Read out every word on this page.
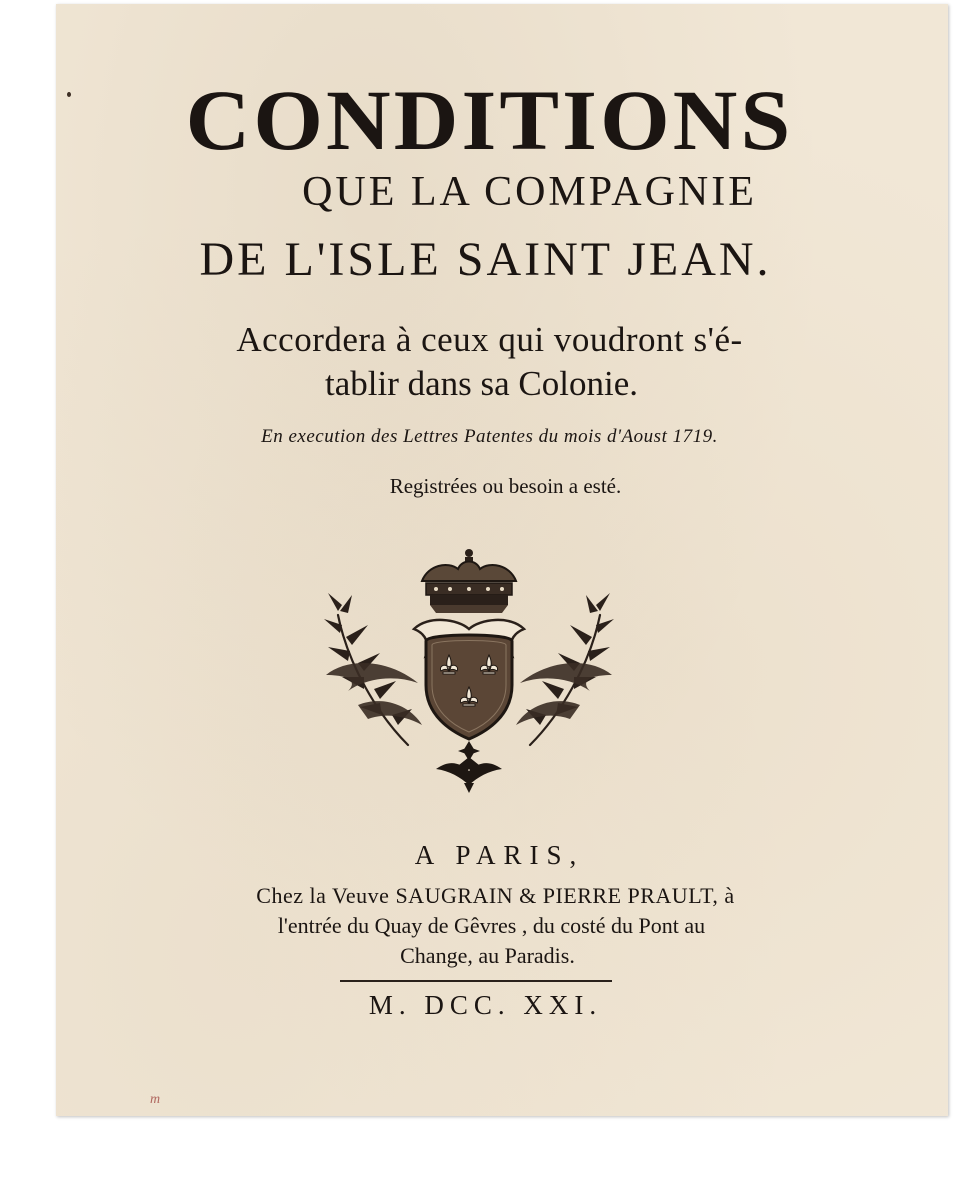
CONDITIONS
QUE LA COMPAGNIE
DE L'ISLE SAINT JEAN.
Accordera à ceux qui voudront s'é-
tablir dans sa Colonie.
En execution des Lettres Patentes du mois d'Aoust 1719.
Registrées ou besoin a esté.
A PARIS,
Chez la Veuve SAUGRAIN & PIERRE PRAULT, à
l'entrée du Quay de Gêvres , du costé du Pont au
Change, au Paradis.
M. DCC. XXI.
m
